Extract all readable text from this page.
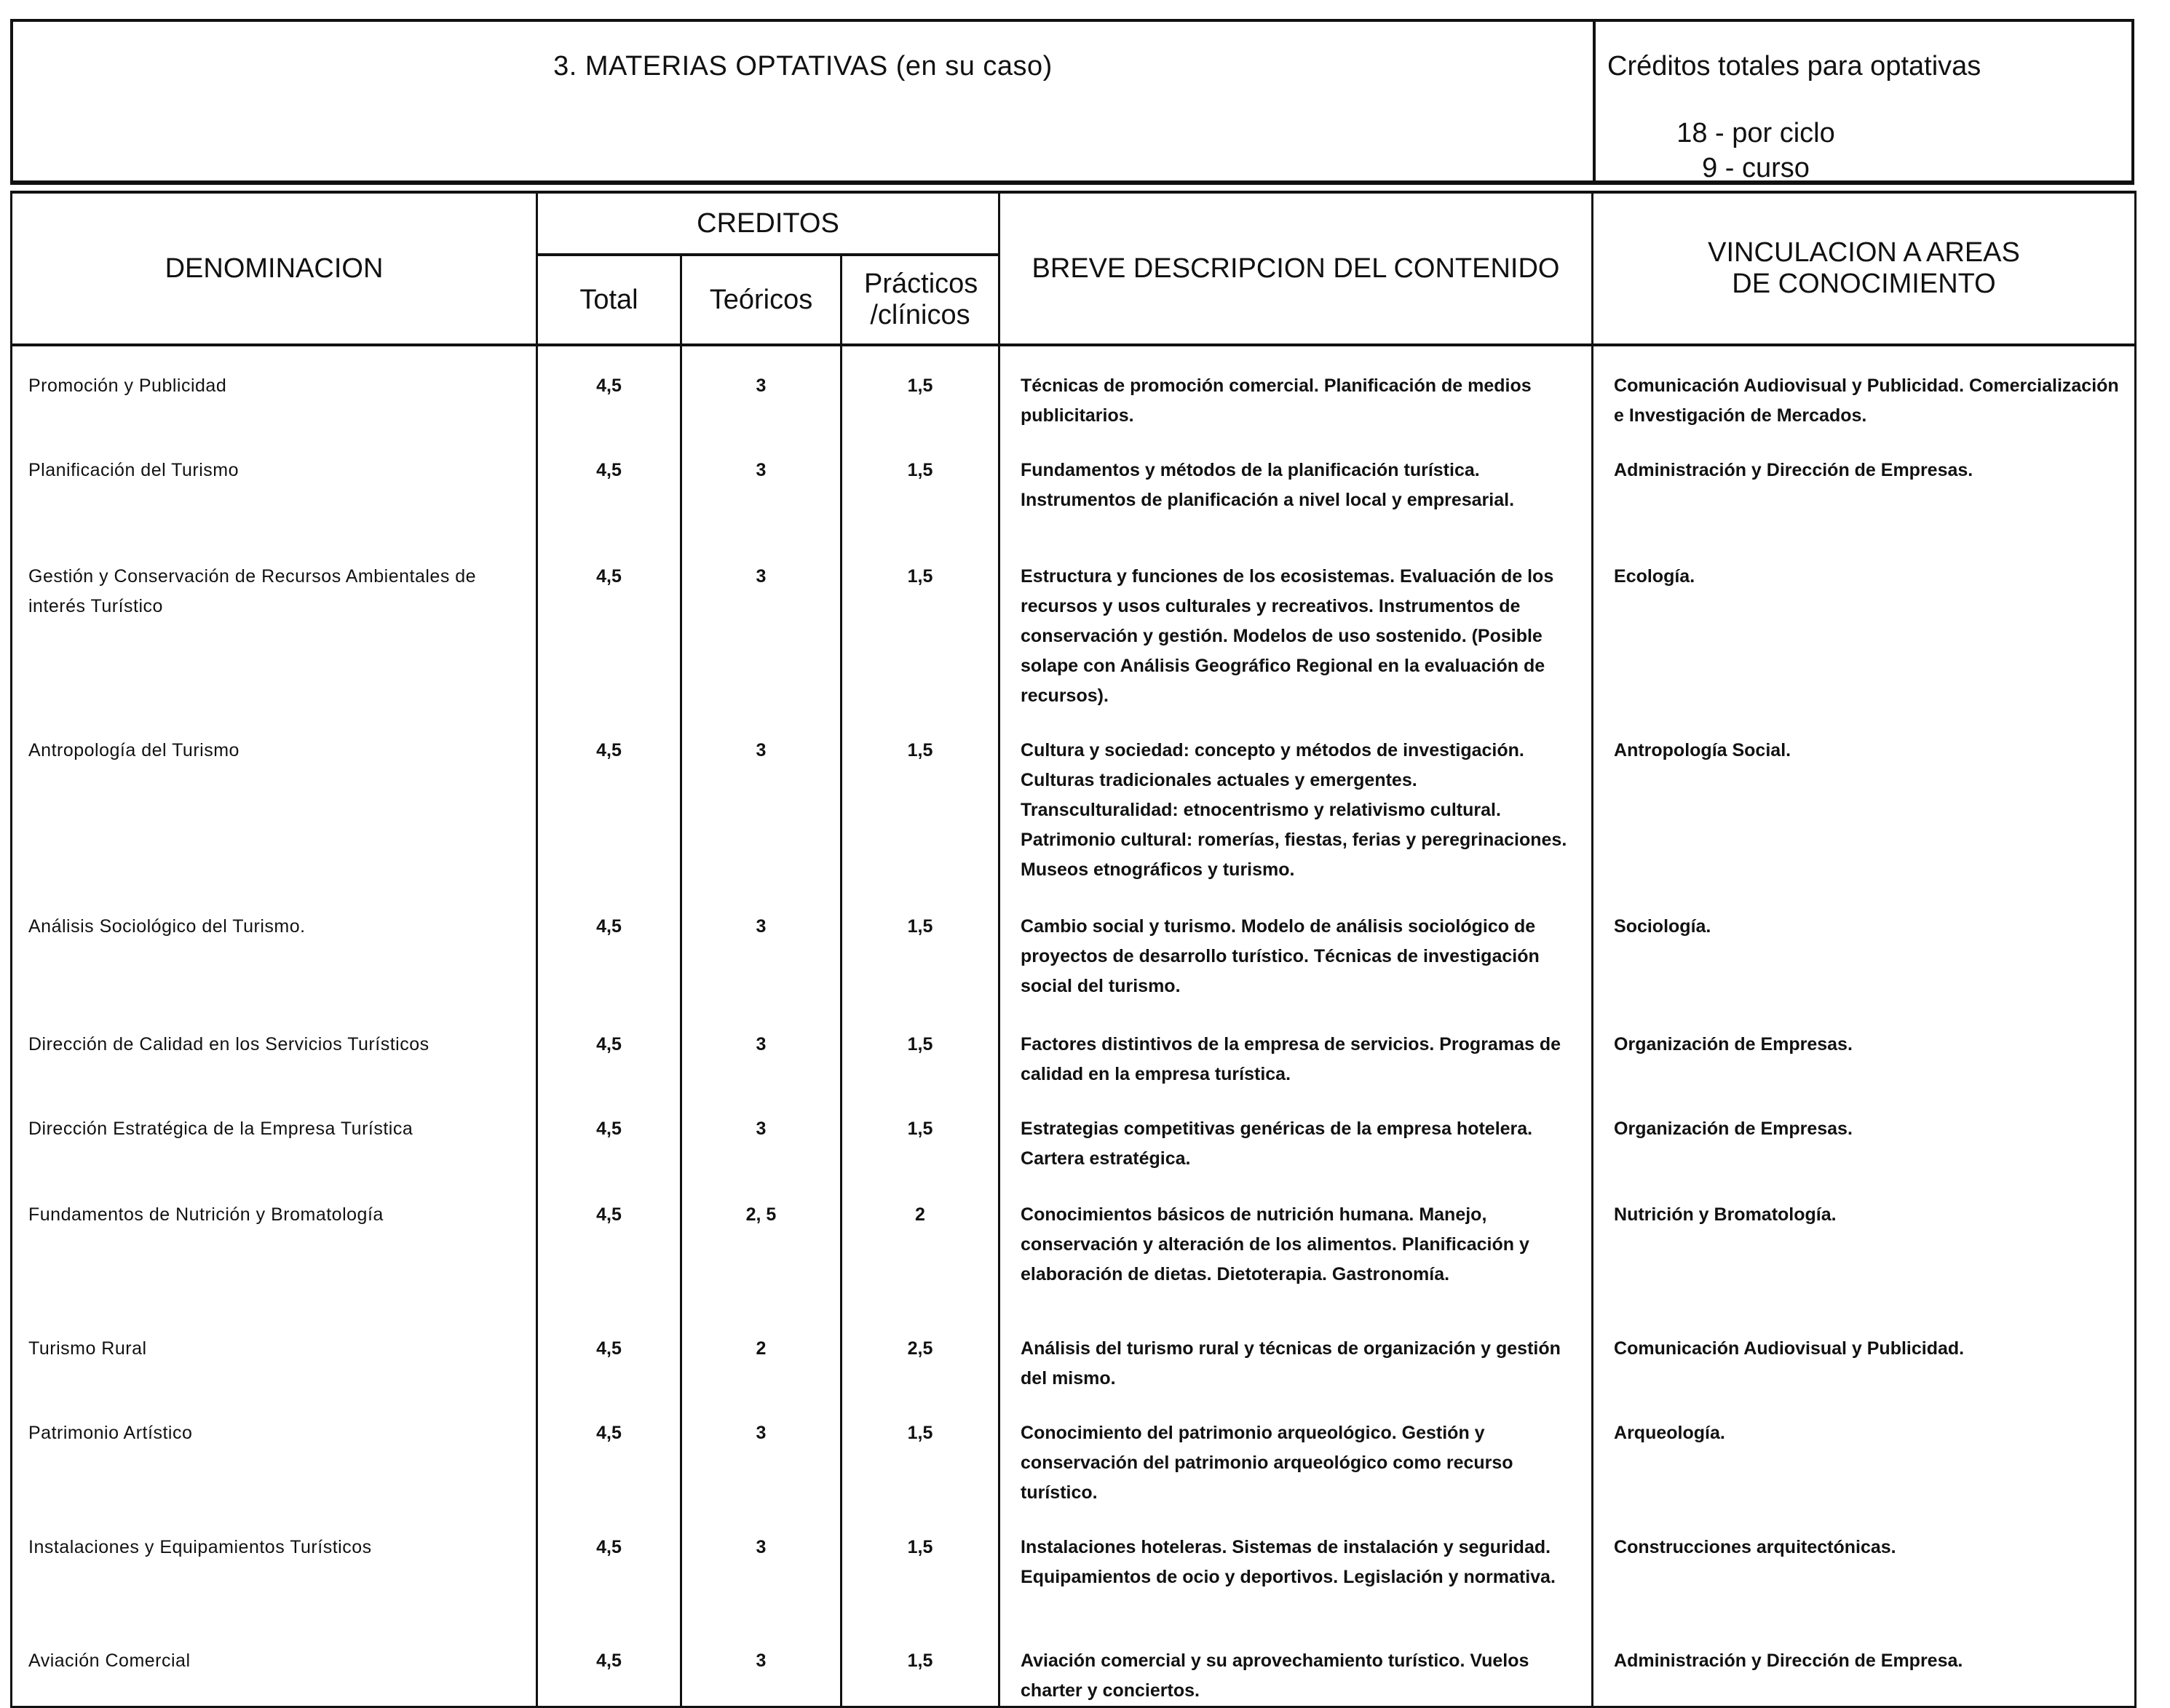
3. MATERIAS OPTATIVAS (en su caso)	Créditos totales para optativas
18 - por ciclo
9 - curso
DENOMINACION	CREDITOS			BREVE DESCRIPCION DEL CONTENIDO	VINCULACION A AREAS DE CONOCIMIENTO
	Total	Teóricos	Prácticos /clínicos		
Promoción y Publicidad	4,5	3	1,5	Técnicas de promoción comercial. Planificación de medios publicitarios.	Comunicación Audiovisual y Publicidad. Comercialización e Investigación de Mercados.
Planificación del Turismo	4,5	3	1,5	Fundamentos y métodos de la planificación turística. Instrumentos de planificación a nivel local y empresarial.	Administración y Dirección de Empresas.
Gestión y Conservación de Recursos Ambientales de interés Turístico	4,5	3	1,5	Estructura y funciones de los ecosistemas. Evaluación de los recursos y usos culturales y recreativos. Instrumentos de conservación y gestión. Modelos de uso sostenido. (Posible solape con Análisis Geográfico Regional en la evaluación de recursos).	Ecología.
Antropología del Turismo	4,5	3	1,5	Cultura y sociedad: concepto y métodos de investigación. Culturas tradicionales actuales y emergentes. Transculturalidad: etnocentrismo y relativismo cultural. Patrimonio cultural: romerías, fiestas, ferias y peregrinaciones. Museos etnográficos y turismo.	Antropología Social.
Análisis Sociológico del Turismo.	4,5	3	1,5	Cambio social y turismo. Modelo de análisis sociológico de proyectos de desarrollo turístico. Técnicas de investigación social del turismo.	Sociología.
Dirección de Calidad en los Servicios Turísticos	4,5	3	1,5	Factores distintivos de la empresa de servicios. Programas de calidad en la empresa turística.	Organización de Empresas.
Dirección Estratégica de la Empresa Turística	4,5	3	1,5	Estrategias competitivas genéricas de la empresa hotelera. Cartera estratégica.	Organización de Empresas.
Fundamentos de Nutrición y Bromatología	4,5	2, 5	2	Conocimientos básicos de nutrición humana. Manejo, conservación y alteración de los alimentos. Planificación y elaboración de dietas. Dietoterapia. Gastronomía.	Nutrición y Bromatología.
Turismo Rural	4,5	2	2,5	Análisis del turismo rural y técnicas de organización y gestión del mismo.	Comunicación Audiovisual y Publicidad.
Patrimonio Artístico	4,5	3	1,5	Conocimiento del patrimonio arqueológico. Gestión y conservación del patrimonio arqueológico como recurso turístico.	Arqueología.
Instalaciones y Equipamientos Turísticos	4,5	3	1,5	Instalaciones hoteleras. Sistemas de instalación y seguridad. Equipamientos de ocio y deportivos. Legislación y normativa.	Construcciones arquitectónicas.
Aviación Comercial	4,5	3	1,5	Aviación comercial y su aprovechamiento turístico. Vuelos charter y conciertos.	Administración y Dirección de Empresa.
